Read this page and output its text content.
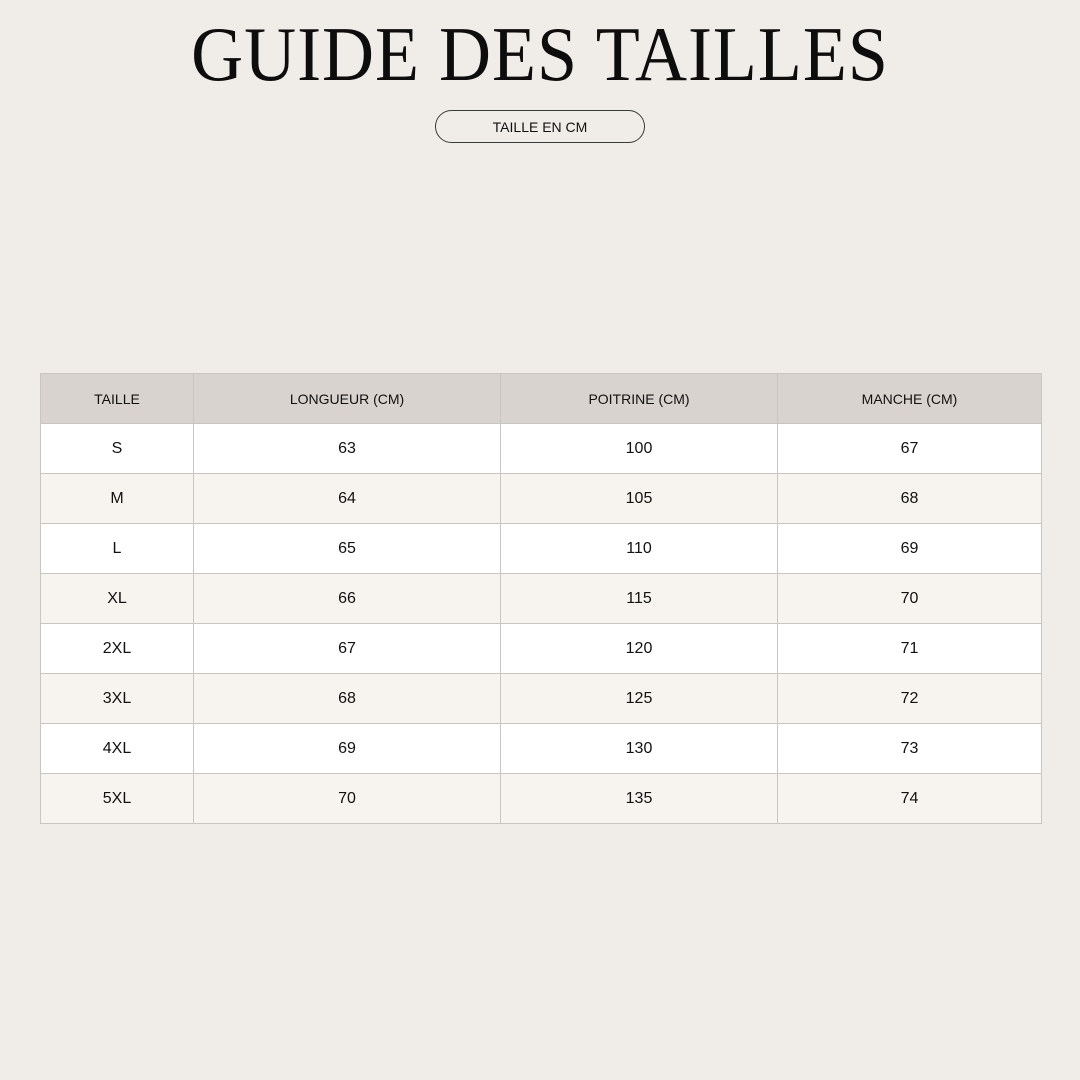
GUIDE DES TAILLES
TAILLE EN CM
TAILLE	LONGUEUR (CM)	POITRINE (CM)	MANCHE (CM)
S	63	100	67
M	64	105	68
L	65	110	69
XL	66	115	70
2XL	67	120	71
3XL	68	125	72
4XL	69	130	73
5XL	70	135	74
